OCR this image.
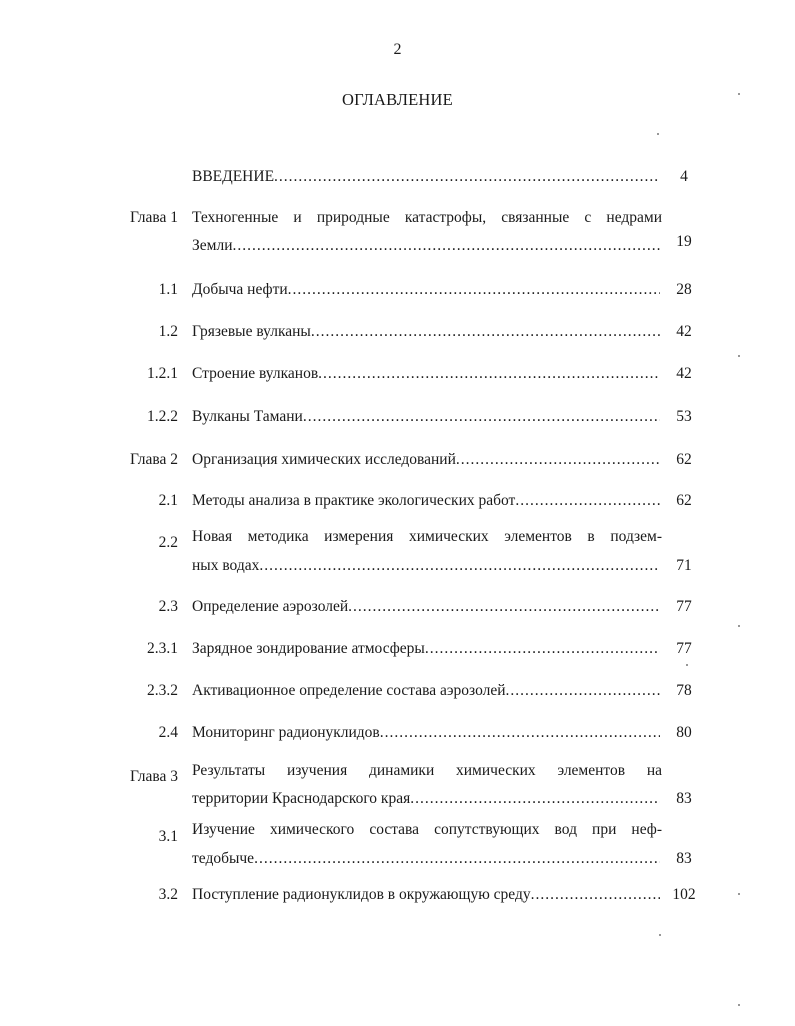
2
ОГЛАВЛЕНИЕ
ВВЕДЕНИЕ .....	4
Глава 1 Техногенные и природные катастрофы, связанные с недрами
Земли .....	19
1.1 Добыча нефти .....	28
1.2 Грязевые вулканы .....	42
1.2.1 Строение вулканов .....	42
1.2.2 Вулканы Тамани .....	53
Глава 2 Организация химических исследований .....	62
2.1 Методы анализа в практике экологических работ .....	62
2.2 Новая методика измерения химических элементов в подзем-
ных водах .....	71
2.3 Определение аэрозолей .....	77
2.3.1 Зарядное зондирование атмосферы .....	77
2.3.2 Активационное определение состава аэрозолей .....	78
2.4 Мониторинг радионуклидов .....	80
Глава 3 Результаты изучения динамики химических элементов на
территории Краснодарского края .....	83
3.1 Изучение химического состава сопутствующих вод при неф-
тедобыче .....	83
3.2 Поступление радионуклидов в окружающую среду .....	102
